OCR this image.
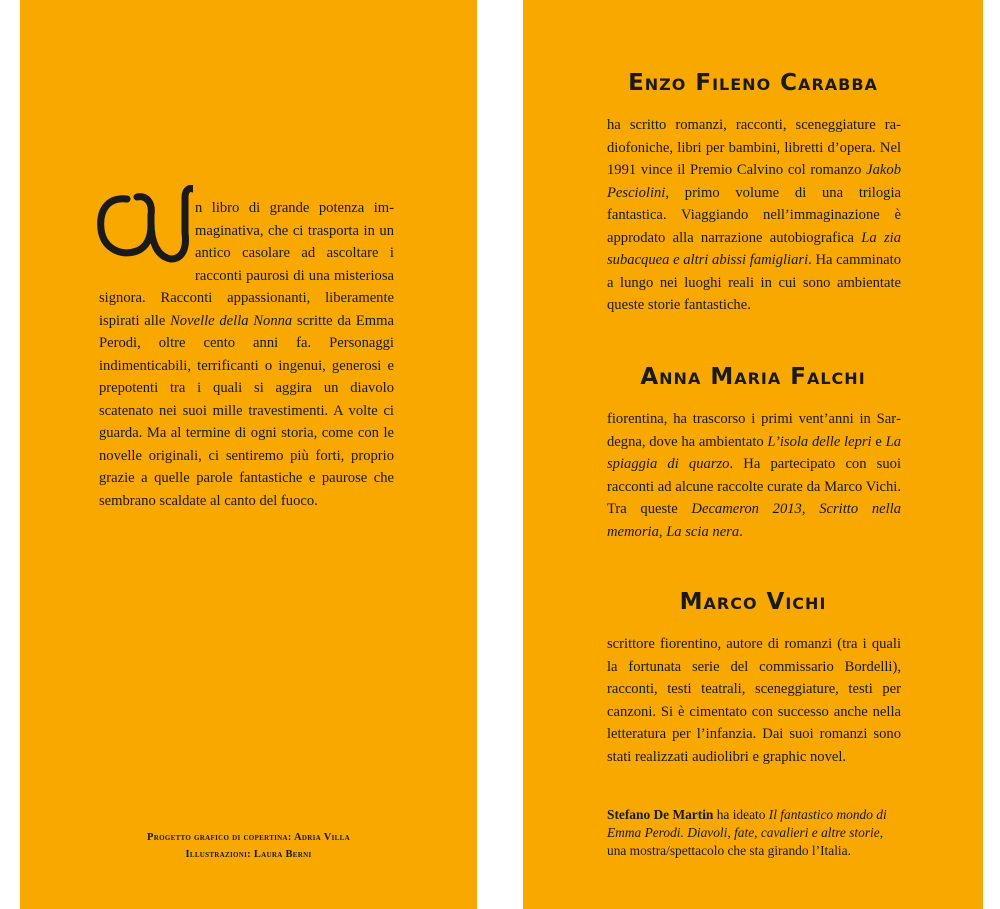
n libro di grande potenza immaginativa, che ci trasporta in un antico casolare ad ascoltare i racconti paurosi di una misteriosa signora. Racconti appassionanti, liberamente ispirati alle Novelle della Nonna scritte da Emma Perodi, oltre cento anni fa. Personaggi indimenticabili, terrificanti o ingenui, generosi e prepotenti tra i quali si aggira un diavolo scatenato nei suoi mille travestimenti. A volte ci guarda. Ma al termine di ogni storia, come con le novelle originali, ci sentiremo più forti, proprio grazie a quelle parole fantastiche e paurose che sembrano scaldate al canto del fuoco.
Progetto grafico di copertina: Adria Villa
Illustrazioni: Laura Berni
Enzo Fileno Carabba
ha scritto romanzi, racconti, sceneggiature radiofoniche, libri per bambini, libretti d’opera. Nel 1991 vince il Premio Calvino col romanzo Jakob Pesciolini, primo volume di una trilogia fantastica. Viaggiando nell’immaginazione è approdato alla narrazione autobiografica La zia subacquea e altri abissi famigliari. Ha camminato a lungo nei luoghi reali in cui sono ambientate queste storie fantastiche.
Anna Maria Falchi
fiorentina, ha trascorso i primi vent’anni in Sardegna, dove ha ambientato L’isola delle lepri e La spiaggia di quarzo. Ha partecipato con suoi racconti ad alcune raccolte curate da Marco Vichi. Tra queste Decameron 2013, Scritto nella memoria, La scia nera.
Marco Vichi
scrittore fiorentino, autore di romanzi (tra i quali la fortunata serie del commissario Bordelli), racconti, testi teatrali, sceneggiature, testi per canzoni. Si è cimentato con successo anche nella letteratura per l’infanzia. Dai suoi romanzi sono stati realizzati audiolibri e graphic novel.
Stefano De Martin ha ideato Il fantastico mondo di Emma Perodi. Diavoli, fate, cavalieri e altre storie, una mostra/spettacolo che sta girando l’Italia.
